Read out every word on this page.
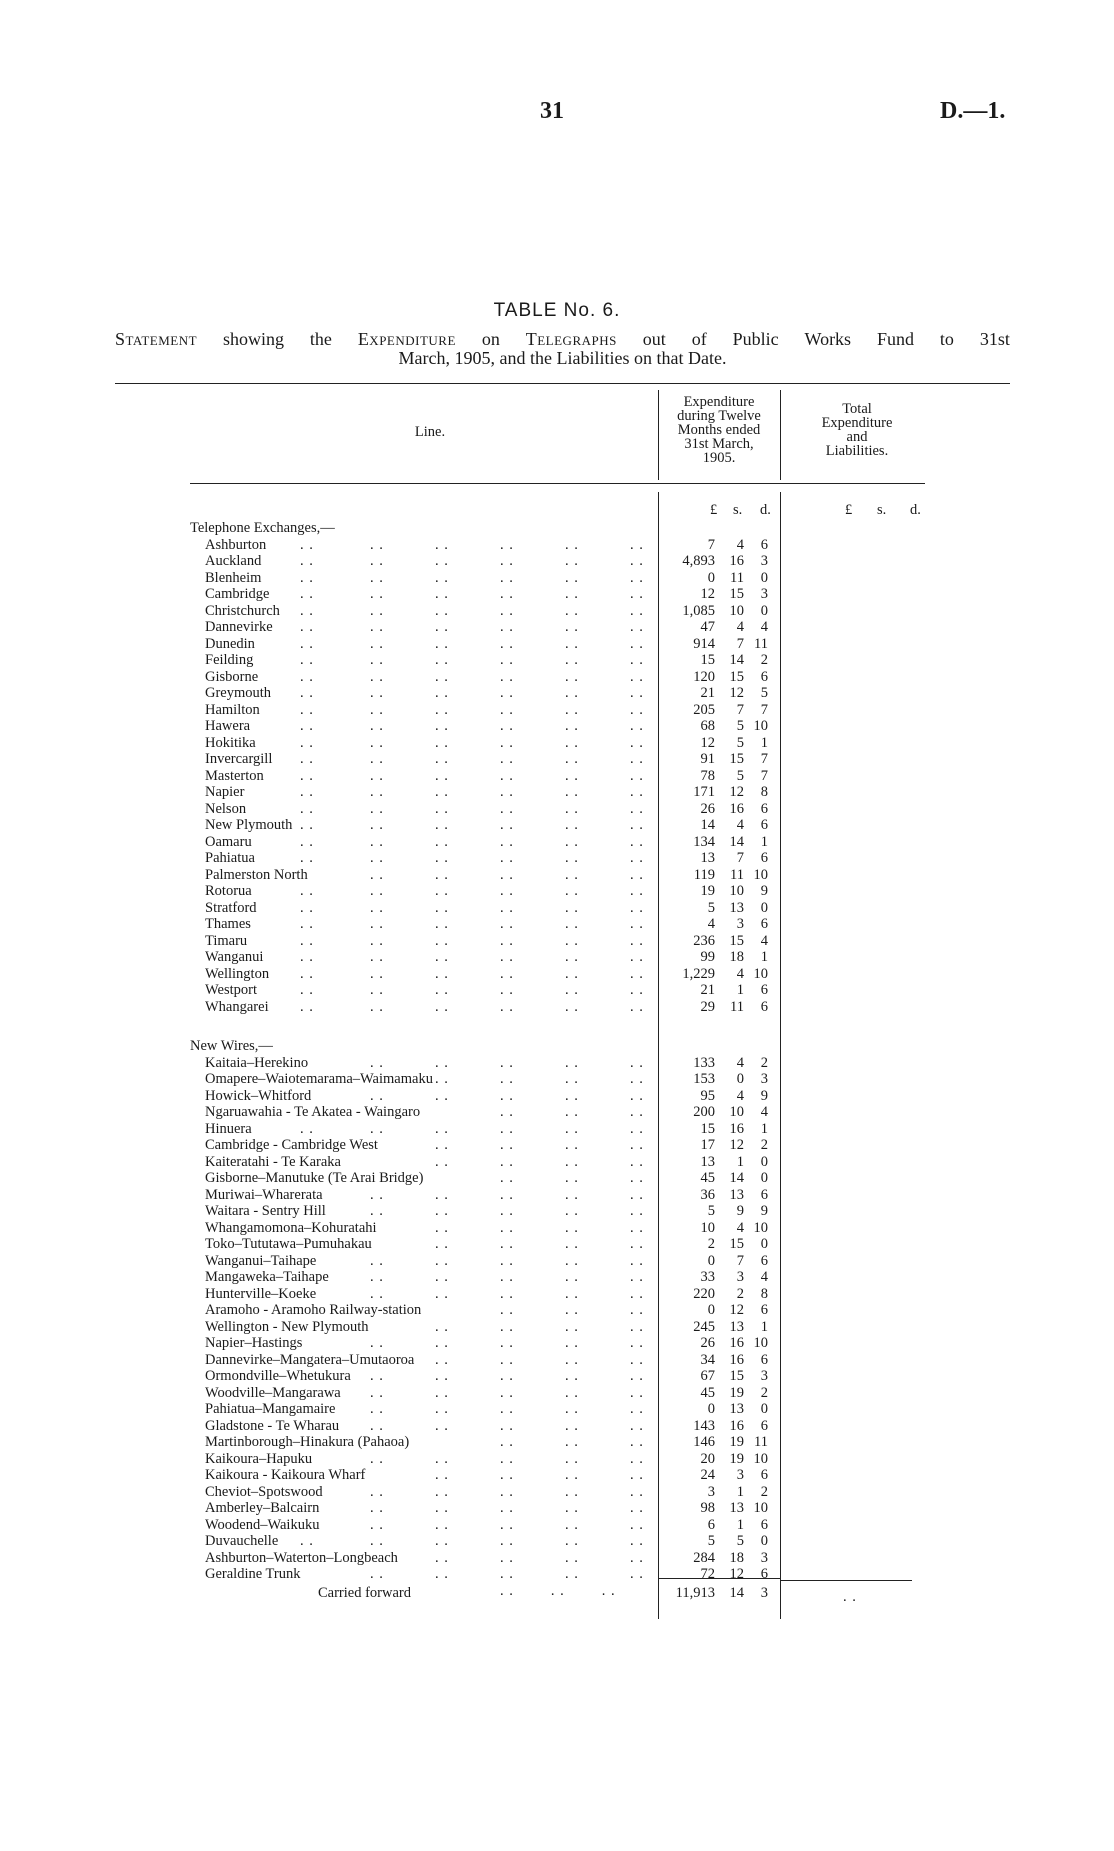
31	D.—1.
TABLE No. 6.
Statement showing the Expenditure on Telegraphs out of Public Works Fund to 31st
March, 1905, and the Liabilities on that Date.
Line.
Expenditure
during Twelve
Months ended
31st March,
1905.
Total
Expenditure
and
Liabilities.
£ s. d.	£ s. d.
Telephone Exchanges,—
Ashburton . .	. .	. .	. .	. .	. .	7	4	6
Auckland	. .	. .	. .	. .	. .	. .	4,893	16	3
Blenheim	. .	. .	. .	. .	. .	. .	0	11	0
Cambridge . .	. .	. .	. .	. .	. .	12	15	3
Christchurch . .	. .	. .	. .	. .	. .	1,085	10	0
Dannevirke . .	. .	. .	. .	. .	. .	47	4	4
Dunedin	. .	. .	. .	. .	. .	. .	914	7 11
Feilding	. .	. .	. .	. .	. .	. .	15	14	2
Gisborne	. .	. .	. .	. .	. .	. .	120	15	6
Greymouth . .	. .	. .	. .	. .	. .	21	12	5
Hamilton	. .	. .	. .	. .	. .	. .	205	7	7
Hawera	. .	. .	. .	. .	. .	. .	68	5 10
Hokitika	. .	. .	. .	. .	. .	. .	12	5	1
Invercargill . .	. .	. .	. .	. .	. .	91	15	7
Masterton . .	. .	. .	. .	. .	. .	78	5	7
Napier	. .	. .	. .	. .	. .	. .	171	12	8
Nelson	. .	. .	. .	. .	. .	. .	26	16	6
New Plymouth . .	. .	. .	. .	. .	. .	14	4	6
Oamaru	. .	. .	. .	. .	. .	. .	134	14	1
Pahiatua	. .	. .	. .	. .	. .	. .	13	7	6
Palmerston North	. .	. .	. .	. .	. .	119	11 10
Rotorua	. .	. .	. .	. .	. .	. .	19	10	9
Stratford	. .	. .	. .	. .	. .	. .	5	13	0
Thames	. .	. .	. .	. .	. .	. .	4	3	6
Timaru	. .	. .	. .	. .	. .	. .	236	15	4
Wanganui	. .	. .	. .	. .	. .	. .	99	18	1
Wellington . .	. .	. .	. .	. .	. .	1,229	4 10
Westport	. .	. .	. .	. .	. .	. .	21	1	6
Whangarei . .	. .	. .	. .	. .	. .	29	11	6
New Wires,—
Kaitaia–Herekino	. .	. .	. .	. .	. .	133	4	2
Omapere–Waiotemarama–Waimamaku . .	. .	. .	. .	153	0	3
Howick–Whitford	. .	. .	. .	. .	. .	95	4	9
Ngaruawahia - Te Akatea - Waingaro	. .	. .	. .	200	10	4
Hinuera	. .	. .	. .	. .	. .	. .	15	16	1
Cambridge - Cambridge West	. .	. .	. .	. .	17	12	2
Kaiteratahi - Te Karaka	. .	. .	. .	. .	13	1	0
Gisborne–Manutuke (Te Arai Bridge)	. .	. .	. .	45	14	0
Muriwai–Wharerata	. .	. .	. .	. .	. .	36	13	6
Waitara - Sentry Hill	. .	. .	. .	. .	. .	5	9	9
Whangamomona–Kohuratahi	. .	. .	. .	. .	10	4 10
Toko–Tututawa–Pumuhakau	. .	. .	. .	. .	2	15	0
Wanganui–Taihape	. .	. .	. .	. .	. .	0	7	6
Mangaweka–Taihape	. .	. .	. .	. .	. .	33	3	4
Hunterville–Koeke	. .	. .	. .	. .	. .	220	2	8
Aramoho - Aramoho Railway-station	. .	. .	. .	0	12	6
Wellington - New Plymouth	. .	. .	. .	. .	245	13	1
Napier–Hastings	. .	. .	. .	. .	. .	26	16 10
Dannevirke–Mangatera–Umutaoroa . .	. .	. .	. .	34	16	6
Ormondville–Whetukura . .	. .	. .	. .	. .	67	15	3
Woodville–Mangarawa . .	. .	. .	. .	. .	45	19	2
Pahiatua–Mangamaire . .	. .	. .	. .	. .	0	13	0
Gladstone - Te Wharau . .	. .	. .	. .	. .	143	16	6
Martinborough–Hinakura (Pahaoa)	. .	. .	. .	146	19 11
Kaikoura–Hapuku	. .	. .	. .	. .	. .	20	19 10
Kaikoura - Kaikoura Wharf	. .	. .	. .	. .	24	3	6
Cheviot–Spotswood	. .	. .	. .	. .	. .	3	1	2
Amberley–Balcairn	. .	. .	. .	. .	. .	98	13 10
Woodend–Waikuku	. .	. .	. .	. .	. .	6	1	6
Duvauchelle . .	. .	. .	. .	. .	. .	5	5	0
Ashburton–Waterton–Longbeach	. .	. .	. .	. .	284	18	3
Geraldine Trunk	. .	. .	. .	. .	. .	72	12	6
Carried forward	. .        . .        . .	11,913	14	3	. .
